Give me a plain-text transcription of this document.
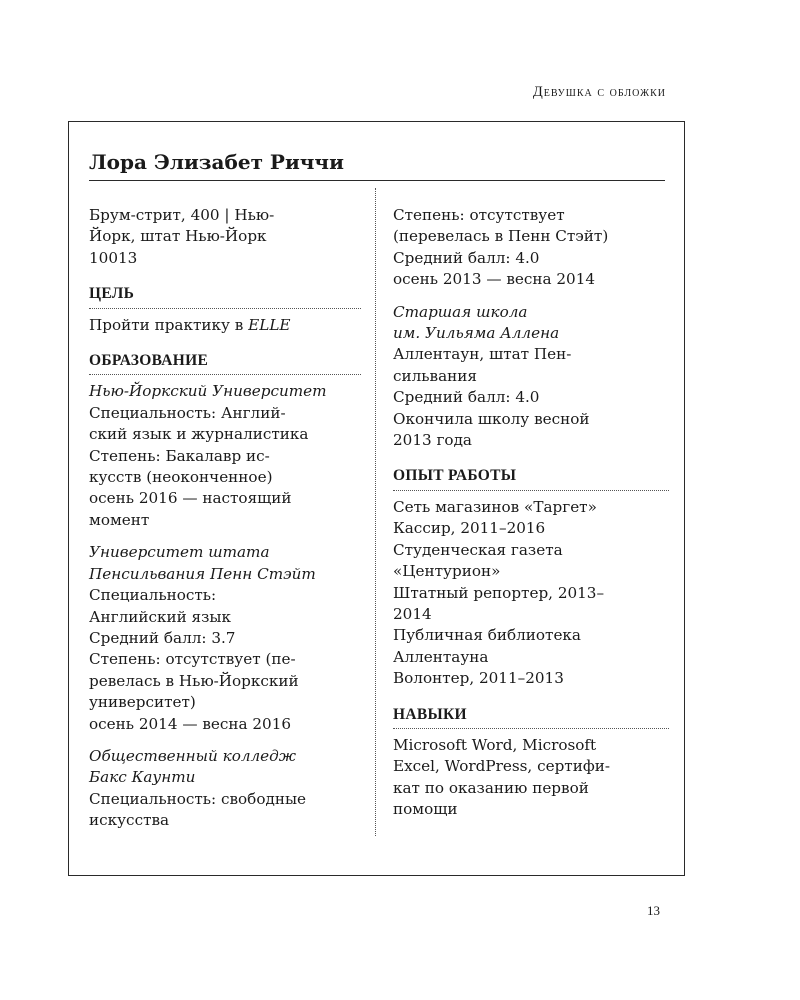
Девушка с обложки
Лора Элизабет Риччи
Брум-стрит, 400 | Нью-
Йорк, штат Нью-Йорк
10013
ЦЕЛЬ
Пройти практику в ELLE
ОБРАЗОВАНИЕ
Нью-Йоркский Университет
Специальность: Англий-
ский язык и журналистика
Степень: Бакалавр ис-
кусств (неоконченное)
осень 2016 — настоящий
момент
Университет штата
Пенсильвания Пенн Стэйт
Специальность:
Английский язык
Средний балл: 3.7
Степень: отсутствует (пе-
ревелась в Нью-Йоркский
университет)
осень 2014 — весна 2016
Общественный колледж
Бакс Каунти
Специальность: свободные
искусства
Степень: отсутствует
(перевелась в Пенн Стэйт)
Средний балл: 4.0
осень 2013 — весна 2014
Старшая школа
им. Уильяма Аллена
Аллентаун, штат Пен-
сильвания
Средний балл: 4.0
Окончила школу весной
2013 года
ОПЫТ РАБОТЫ
Сеть магазинов «Таргет»
Кассир, 2011–2016
Студенческая газета
«Центурион»
Штатный репортер, 2013–
2014
Публичная библиотека
Аллентауна
Волонтер, 2011–2013
НАВЫКИ
Microsoft Word, Microsoft
Excel, WordPress, сертифи-
кат по оказанию первой
помощи
13
